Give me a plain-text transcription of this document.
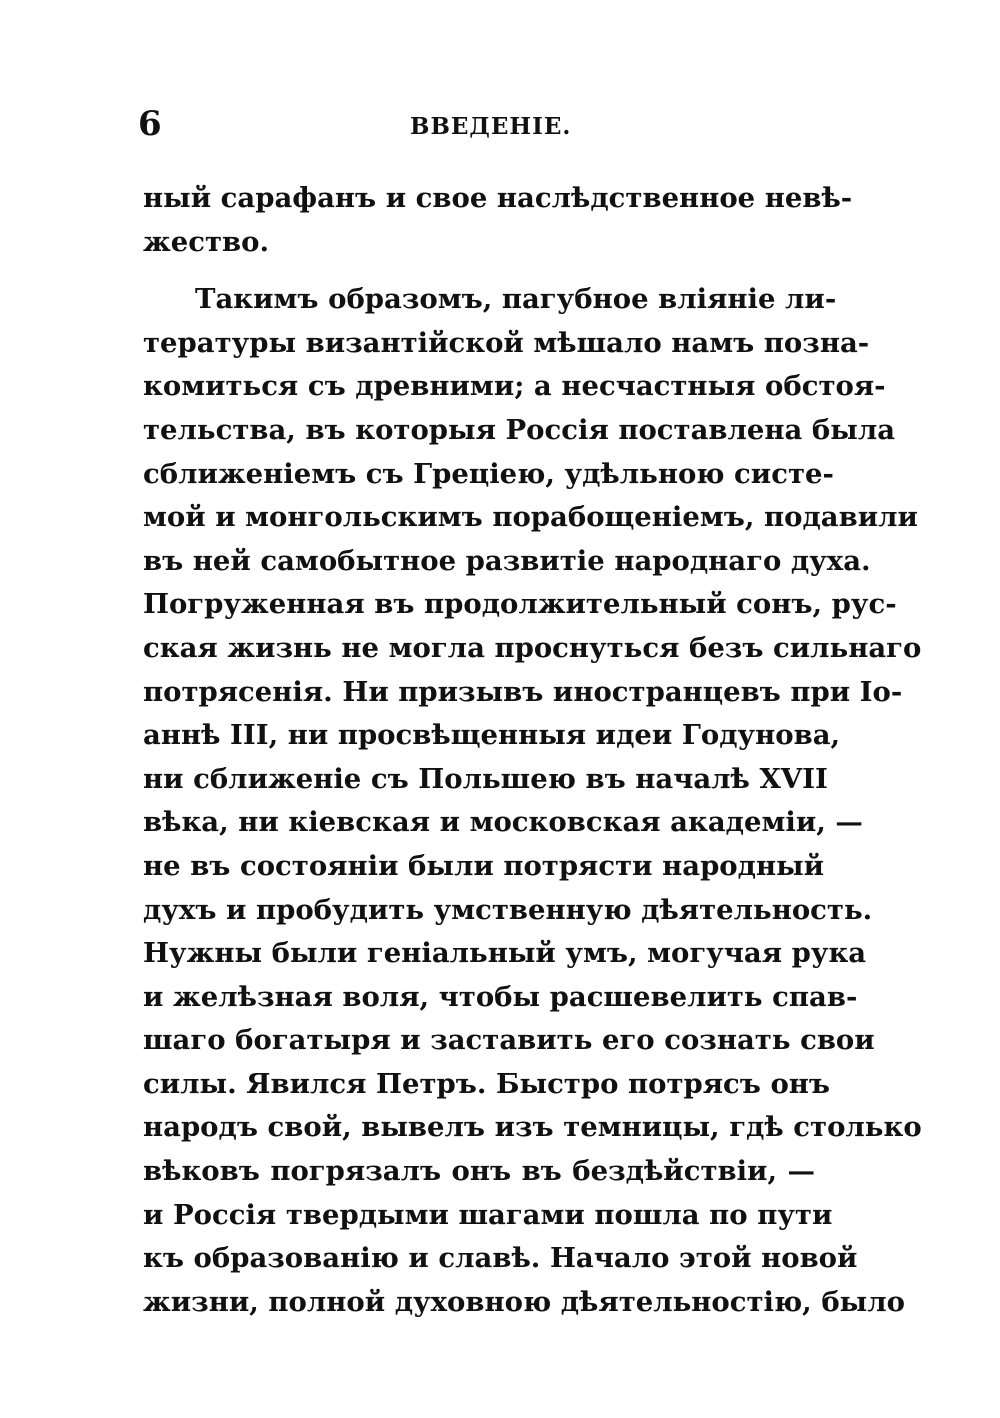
6	ВВЕДЕНІЕ.
ный сарафанъ и свое наслѣдственное невѣ-
жество.
Такимъ образомъ, пагубное вліяніе ли-
тературы византійской мѣшало намъ позна-
комиться съ древними; а несчастныя обстоя-
тельства, въ которыя Россія поставлена была
сближеніемъ съ Греціею, удѣльною систе-
мой и монгольскимъ порабощеніемъ, подавили
въ ней самобытное развитіе народнаго духа.
Погруженная въ продолжительный сонъ, рус-
ская жизнь не могла проснуться безъ сильнаго
потрясенія. Ни призывъ иностранцевъ при Іо-
аннѣ III, ни просвѣщенныя идеи Годунова,
ни сближеніе съ Польшею въ началѣ XVII
вѣка, ни кіевская и московская академіи, —
не въ состояніи были потрясти народный
духъ и пробудить умственную дѣятельность.
Нужны были геніальный умъ, могучая рука
и желѣзная воля, чтобы расшевелить спав-
шаго богатыря и заставить его сознать свои
силы. Явился Петръ. Быстро потрясъ онъ
народъ свой, вывелъ изъ темницы, гдѣ столько
вѣковъ погрязалъ онъ въ бездѣйствіи, —
и Россія твердыми шагами пошла по пути
къ образованію и славѣ. Начало этой новой
жизни, полной духовною дѣятельностію, было
